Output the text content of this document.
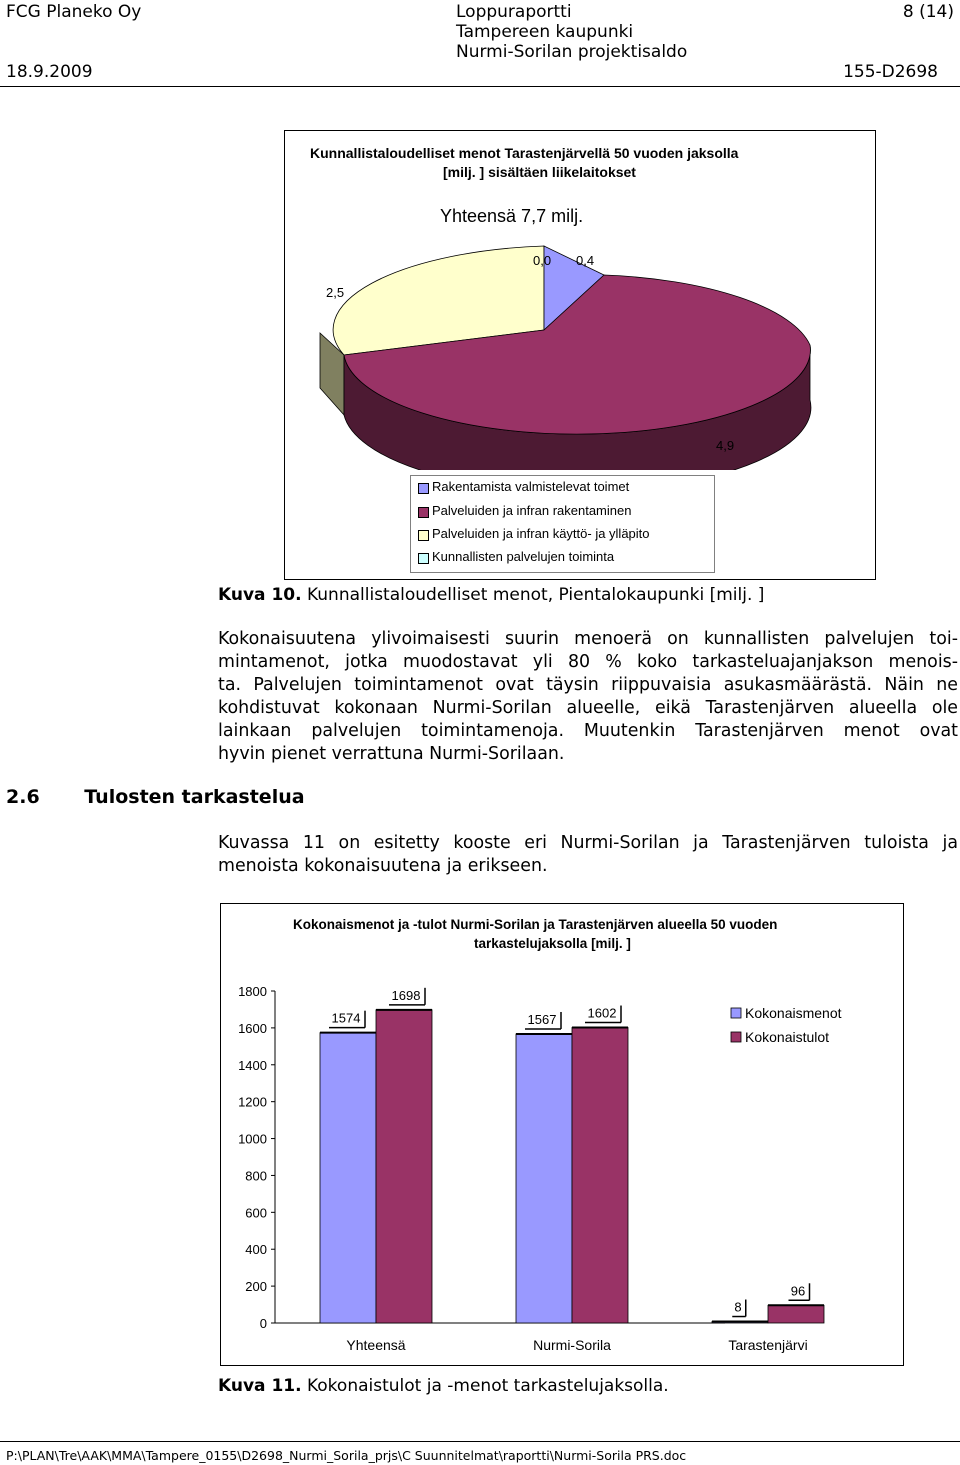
FCG Planeko Oy	Loppuraportti
Tampereen kaupunki
Nurmi-Sorilan projektisaldo
8 (14)
18.9.2009	155-D2698
Kunnallistaloudelliset menot Tarastenjärvellä 50 vuoden jaksolla
[milj. ] sisältäen liikelaitokset
Yhteensä 7,7 milj.
0,0 0,4
2,5
4,9
Rakentamista valmistelevat toimet
Palveluiden ja infran rakentaminen
Palveluiden ja infran käyttö- ja ylläpito
Kunnallisten palvelujen toiminta
Kuva 10. Kunnallistaloudelliset menot, Pientalokaupunki [milj. ]
Kokonaisuutena ylivoimaisesti suurin menoerä on kunnallisten palvelujen toi-
mintamenot, jotka muodostavat yli 80 % koko tarkasteluajanjakson menois-
ta. Palvelujen toimintamenot ovat täysin riippuvaisia asukasmäärästä. Näin ne
kohdistuvat kokonaan Nurmi-Sorilan alueelle, eikä Tarastenjärven alueella ole
lainkaan palvelujen toimintamenoja. Muutenkin Tarastenjärven menot ovat
hyvin pienet verrattuna Nurmi-Sorilaan.
2.6 Tulosten tarkastelua
Kuvassa 11 on esitetty kooste eri Nurmi-Sorilan ja Tarastenjärven tuloista ja
menoista kokonaisuutena ja erikseen.
Kokonaismenot ja -tulot Nurmi-Sorilan ja Tarastenjärven alueella 50 vuoden
tarkastelujaksolla [milj. ]
1800
1600
1400
1200
1000
800
600
400
200
0
1574
1698
Yhteensä
1567 1602
Nurmi-Sorila
8
96
Tarastenjärvi
Kokonaismenot
Kokonaistulot
Kuva 11. Kokonaistulot ja -menot tarkastelujaksolla.
P:\PLAN\Tre\AAK\MMA\Tampere_0155\D2698_Nurmi_Sorila_prjs\C Suunnitelmat\raportti\Nurmi-Sorila PRS.doc
